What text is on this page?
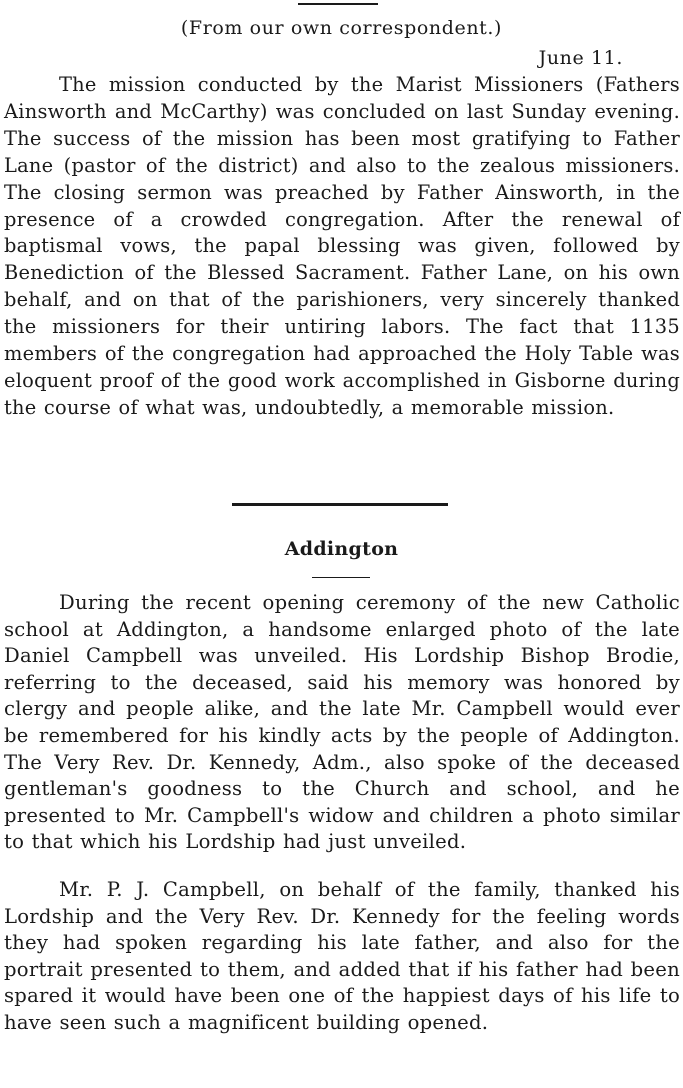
(From our own correspondent.)
June 11.

The mission conducted by the Marist Missioners (Fathers Ainsworth and McCarthy) was concluded on last Sunday evening. The success of the mission has been most gratifying to Father Lane (pastor of the district) and also to the zealous missioners. The closing sermon was preached by Father Ainsworth, in the presence of a crowded congregation. After the renewal of baptismal vows, the papal blessing was given, followed by Benediction of the Blessed Sacrament. Father Lane, on his own behalf, and on that of the parishioners, very sincerely thanked the missioners for their untiring labors. The fact that 1135 members of the congregation had approached the Holy Table was eloquent proof of the good work accomplished in Gisborne during the course of what was, undoubtedly, a memorable mission.

Addington

During the recent opening ceremony of the new Catholic school at Addington, a handsome enlarged photo of the late Daniel Campbell was unveiled. His Lordship Bishop Brodie, referring to the deceased, said his memory was honored by clergy and people alike, and the late Mr. Campbell would ever be remembered for his kindly acts by the people of Addington. The Very Rev. Dr. Kennedy, Adm., also spoke of the deceased gentleman's goodness to the Church and school, and he presented to Mr. Campbell's widow and children a photo similar to that which his Lordship had just unveiled.

Mr. P. J. Campbell, on behalf of the family, thanked his Lordship and the Very Rev. Dr. Kennedy for the feeling words they had spoken regarding his late father, and also for the portrait presented to them, and added that if his father had been spared it would have been one of the happiest days of his life to have seen such a magnificent building opened.
